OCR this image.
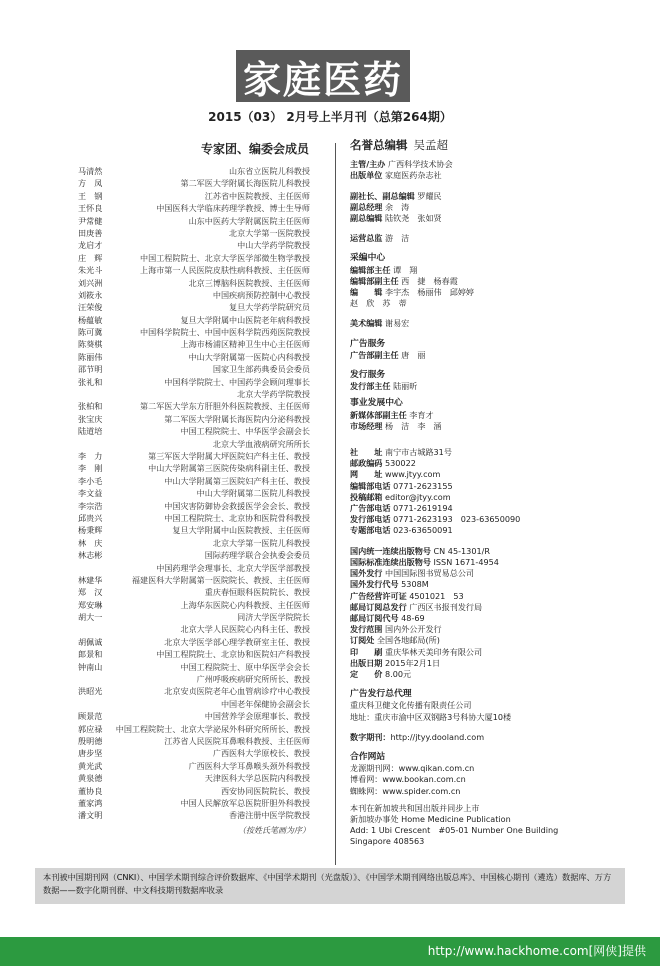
家庭医药
2015（03） 2月号上半月刊（总第264期）
专家团、编委会成员
马清然	山东省立医院儿科教授
方　凤	第二军医大学附属长海医院儿科教授
王　钢	江苏省中医院教授、主任医师
王怀良	中国医科大学临床药理学教授、博士生导师
尹常健	山东中医药大学附属医院主任医师
田庚善	北京大学第一医院教授
龙启才	中山大学药学院教授
庄　辉	中国工程院院士、北京大学医学部微生物学教授
朱光斗	上海市第一人民医院皮肤性病科教授、主任医师
刘兴洲	北京三博脑科医院教授、主任医师
刘筱永	中国疾病预防控制中心教授
汪荣俊	复旦大学药学院研究员
杨蕴敏	复旦大学附属中山医院老年病科教授
陈可冀	中国科学院院士、中国中医科学院西苑医院教授
陈葵棋	上海市杨浦区精神卫生中心主任医师
陈丽伟	中山大学附属第一医院心内科教授
邵节明	国家卫生部药典委员会委员
张礼和	中国科学院院士、中国药学会顾问理事长
北京大学药学院教授
张柏和	第二军医大学东方肝胆外科医院教授、主任医师
张宝庆	第二军医大学附属长海医院内分泌科教授
陆道培	中国工程院院士、中华医学会副会长
北京大学血液病研究所所长
李　力	第三军医大学附属大坪医院妇产科主任、教授
李　刚	中山大学附属第三医院传染病科副主任、教授
李小毛	中山大学附属第三医院妇产科主任、教授
李文益	中山大学附属第二医院儿科教授
李宗浩	中国灾害防御协会救援医学会会长、教授
邱贵兴	中国工程院院士、北京协和医院骨科教授
杨秉辉	复旦大学附属中山医院教授、主任医师
林　庆	北京大学第一医院儿科教授
林志彬	国际药理学联合会执委会委员
中国药理学会理事长、北京大学医学部教授
林建华	福建医科大学附属第一医院院长、教授、主任医师
郑　汉	重庆春恒眼科医院院长、教授
郑安琳	上海华东医院心内科教授、主任医师
胡大一	同济大学医学院院长
北京大学人民医院心内科主任、教授
胡佩诚	北京大学医学部心理学教研室主任、教授
郎景和	中国工程院院士、北京协和医院妇产科教授
钟南山	中国工程院院士、原中华医学会会长
广州呼吸疾病研究所所长、教授
洪昭光	北京安贞医院老年心血管病诊疗中心教授
中国老年保健协会副会长
顾景范	中国营养学会原理事长、教授
郭应禄	中国工程院院士、北京大学泌尿外科研究所所长、教授
殷明德	江苏省人民医院耳鼻喉科教授、主任医师
唐步坚	广西医科大学原校长、教授
黄光武	广西医科大学耳鼻喉头颈外科教授
黄泉德	天津医科大学总医院内科教授
董协良	西安协同医院院长、教授
董家鸿	中国人民解放军总医院肝胆外科教授
潘文明	香港注册中医学院教授
（按姓氏笔画为序）
名誉总编辑 吴孟超
主管/主办 广西科学技术协会
出版单位 家庭医药杂志社
副社长、副总编辑 罗耀民
副总经理 余　涛
副总编辑 陆钦尧　张如贤
运营总监 游　洁
采编中心
编辑部主任 谭　翔
编辑部副主任 西　捷　杨春霞
编　　辑 李宇杰　杨丽伟　邱婷婷
赵　欣　苏　蒂
美术编辑 谢易宏
广告服务
广告部副主任 唐　丽
发行服务
发行部主任 陆丽昕
事业发展中心
新媒体部副主任 李育才
市场经理 杨　洁　李　涵
社　　址 南宁市古城路31号
邮政编码 530022
网　　址 www.jtyy.com
编辑部电话 0771-2623155
投稿邮箱 editor@jtyy.com
广告部电话 0771-2619194
发行部电话 0771-2623193　023-63650090
专题部电话 023-63650091
国内统一连续出版物号 CN 45-1301/R
国际标准连续出版物号 ISSN 1671-4954
国外发行 中国国际图书贸易总公司
国外发行代号 5308M
广告经营许可证 4501021　53
邮局订阅总发行 广西区书报刊发行局
邮局订阅代号 48-69
发行范围 国内外公开发行
订阅处 全国各地邮局(所)
印　　刷 重庆华林天美印务有限公司
出版日期 2015年2月1日
定　　价 8.00元
广告发行总代理
重庆科卫健文化传播有限责任公司
地址：重庆市渝中区双钢路3号科协大厦10楼
数字期刊：http://jtyy.dooland.com
合作网站
龙源期刊网：www.qikan.com.cn
博看网：www.bookan.com.cn
蜘蛛网：www.spider.com.cn
本刊在新加坡共和国出版并同步上市
新加坡办事处 Home Medicine Publication
Add: 1 Ubi Crescent　#05-01 Number One Building
Singapore 408563
本刊被中国期刊网（CNKI）、中国学术期刊综合评价数据库、《中国学术期刊（光盘版）》、《中国学术期刊网络出版总库》、中国核心期刊（遴选）数据库、万方数据——数字化期刊群、中文科技期刊数据库收录
http://www.hackhome.com[网侠]提供
